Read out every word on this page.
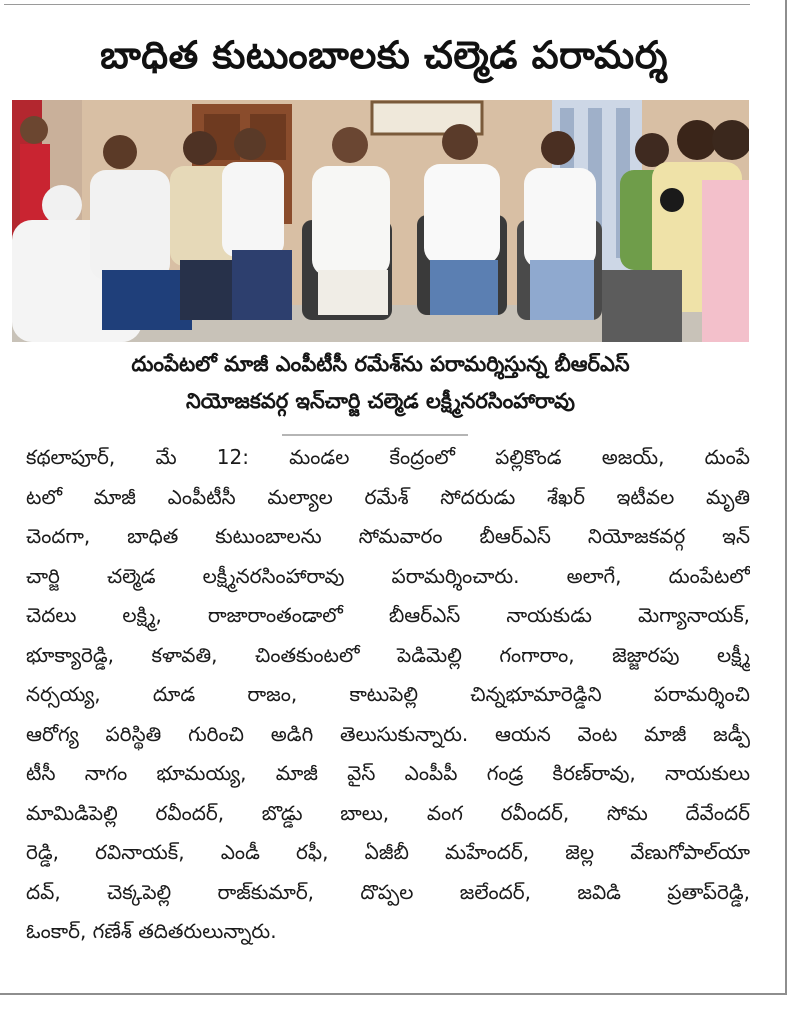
బాధిత కుటుంబాలకు చల్మెడ పరామర్శ
దుంపేటలో మాజీ ఎంపీటీసీ రమేశ్‌ను పరామర్శిస్తున్న బీఆర్ఎస్
నియోజకవర్గ ఇన్‌చార్జి చల్మెడ లక్ష్మీనరసింహారావు
కథలాపూర్, మే 12: మండల కేంద్రంలో పల్లికొండ అజయ్, దుంపే
టలో మాజీ ఎంపీటీసీ మల్యాల రమేశ్ సోదరుడు శేఖర్ ఇటీవల మృతి
చెందగా, బాధిత కుటుంబాలను సోమవారం బీఆర్ఎస్ నియోజకవర్గ ఇన్
చార్జి చల్మెడ లక్ష్మీనరసింహారావు పరామర్శించారు. అలాగే, దుంపేటలో
చెదలు లక్ష్మి, రాజారాంతండాలో బీఆర్ఎస్ నాయకుడు మెగ్యానాయక్,
భూక్యారెడ్డి, కళావతి, చింతకుంటలో పెడిమెల్లి గంగారాం, జెజ్జారపు లక్ష్మీ
నర్సయ్య, దూడ రాజం, కాటుపెల్లి చిన్నభూమారెడ్డిని పరామర్శించి
ఆరోగ్య పరిస్థితి గురించి అడిగి తెలుసుకున్నారు. ఆయన వెంట మాజీ జడ్పీ
టీసీ నాగం భూమయ్య, మాజీ వైస్ ఎంపీపీ గండ్ర కిరణ్‌రావు, నాయకులు
మామిడిపెల్లి రవీందర్, బొడ్డు బాలు, వంగ రవీందర్, సోమ దేవేందర్
రెడ్డి, రవినాయక్, ఎండీ రఫీ, ఏజీబీ మహేందర్, జెల్ల వేణుగోపాల్‌యా
దవ్, చెక్కపెల్లి రాజ్‌కుమార్, దొప్పల జలేందర్, జవిడి ప్రతాప్‌రెడ్డి,
ఓంకార్, గణేశ్ తదితరులున్నారు.
